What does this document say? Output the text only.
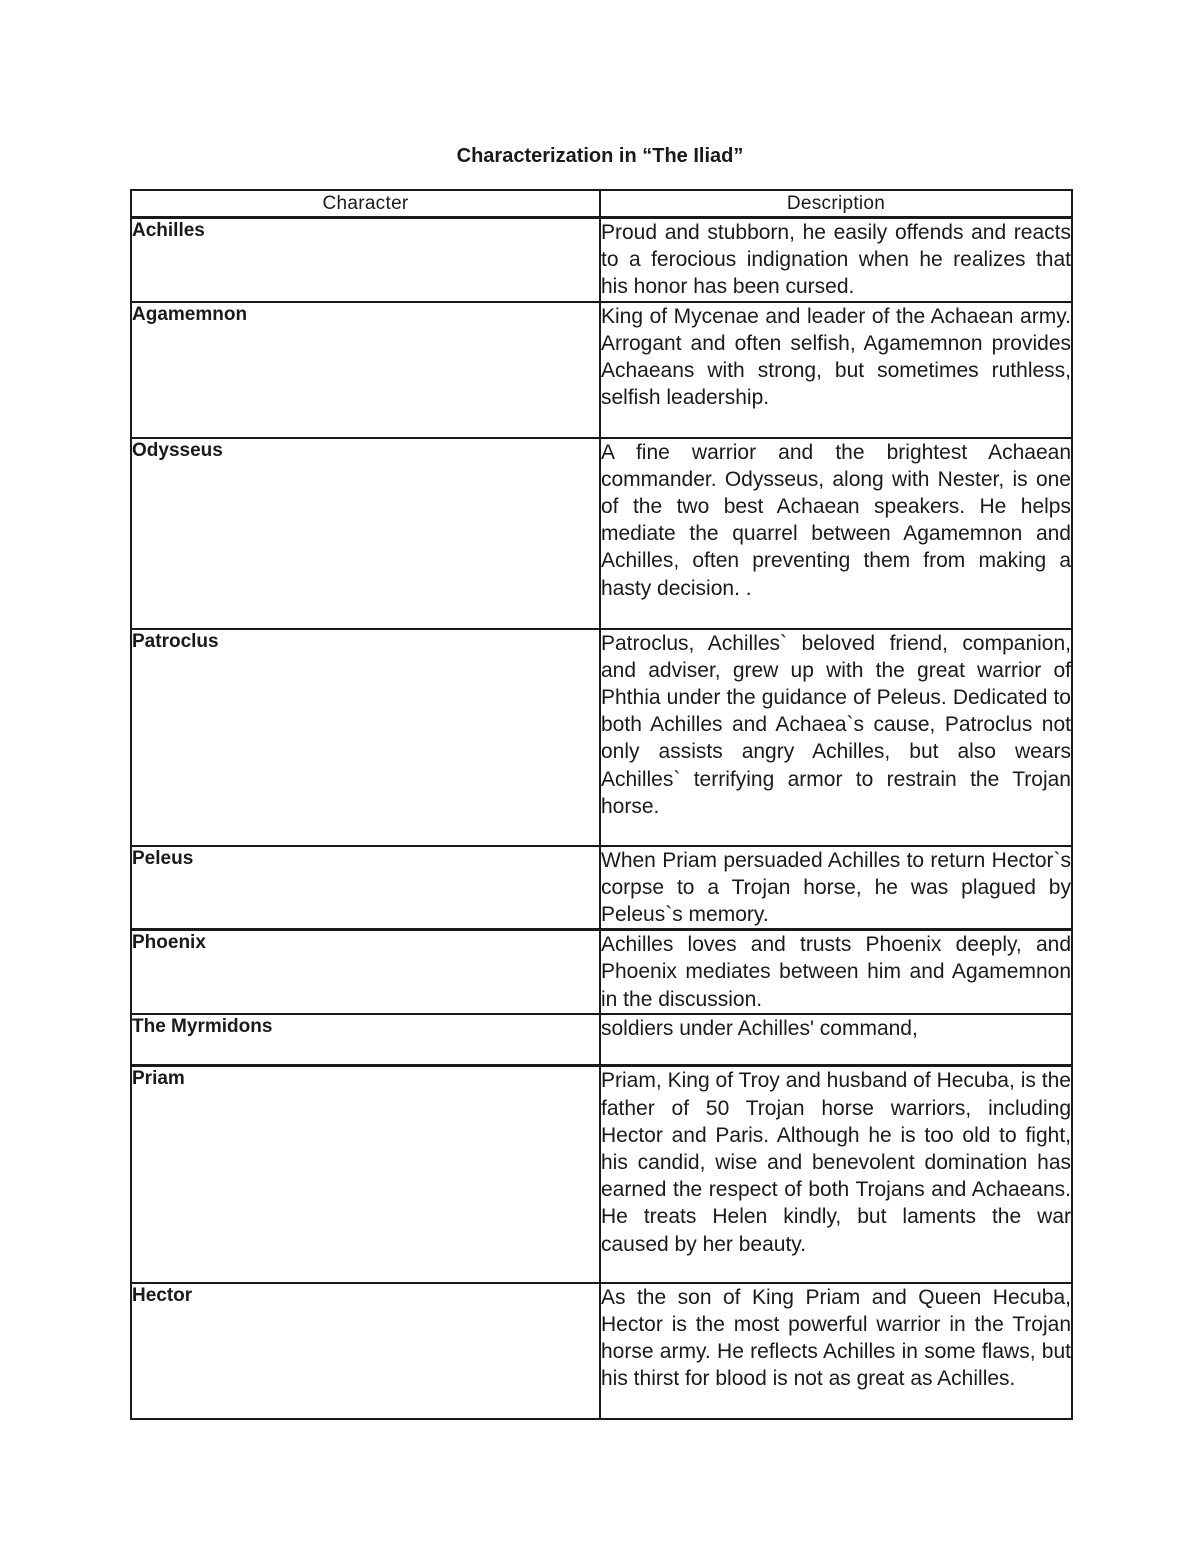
Characterization in “The Iliad”
Character	Description
Achilles	Proud and stubborn, he easily offends and reacts to a ferocious indignation when he realizes that his honor has been cursed.
Agamemnon	King of Mycenae and leader of the Achaean army. Arrogant and often selfish, Agamemnon provides Achaeans with strong, but sometimes ruthless, selfish leadership.
Odysseus	A fine warrior and the brightest Achaean commander. Odysseus, along with Nester, is one of the two best Achaean speakers. He helps mediate the quarrel between Agamemnon and Achilles, often preventing them from making a hasty decision. .
Patroclus	Patroclus, Achilles` beloved friend, companion, and adviser, grew up with the great warrior of Phthia under the guidance of Peleus. Dedicated to both Achilles and Achaea`s cause, Patroclus not only assists angry Achilles, but also wears Achilles` terrifying armor to restrain the Trojan horse.
Peleus	When Priam persuaded Achilles to return Hector`s corpse to a Trojan horse, he was plagued by Peleus`s memory.
Phoenix	Achilles loves and trusts Phoenix deeply, and Phoenix mediates between him and Agamemnon in the discussion.
The Myrmidons	soldiers under Achilles' command,
Priam	Priam, King of Troy and husband of Hecuba, is the father of 50 Trojan horse warriors, including Hector and Paris. Although he is too old to fight, his candid, wise and benevolent domination has earned the respect of both Trojans and Achaeans. He treats Helen kindly, but laments the war caused by her beauty.
Hector	As the son of King Priam and Queen Hecuba, Hector is the most powerful warrior in the Trojan horse army. He reflects Achilles in some flaws, but his thirst for blood is not as great as Achilles.
